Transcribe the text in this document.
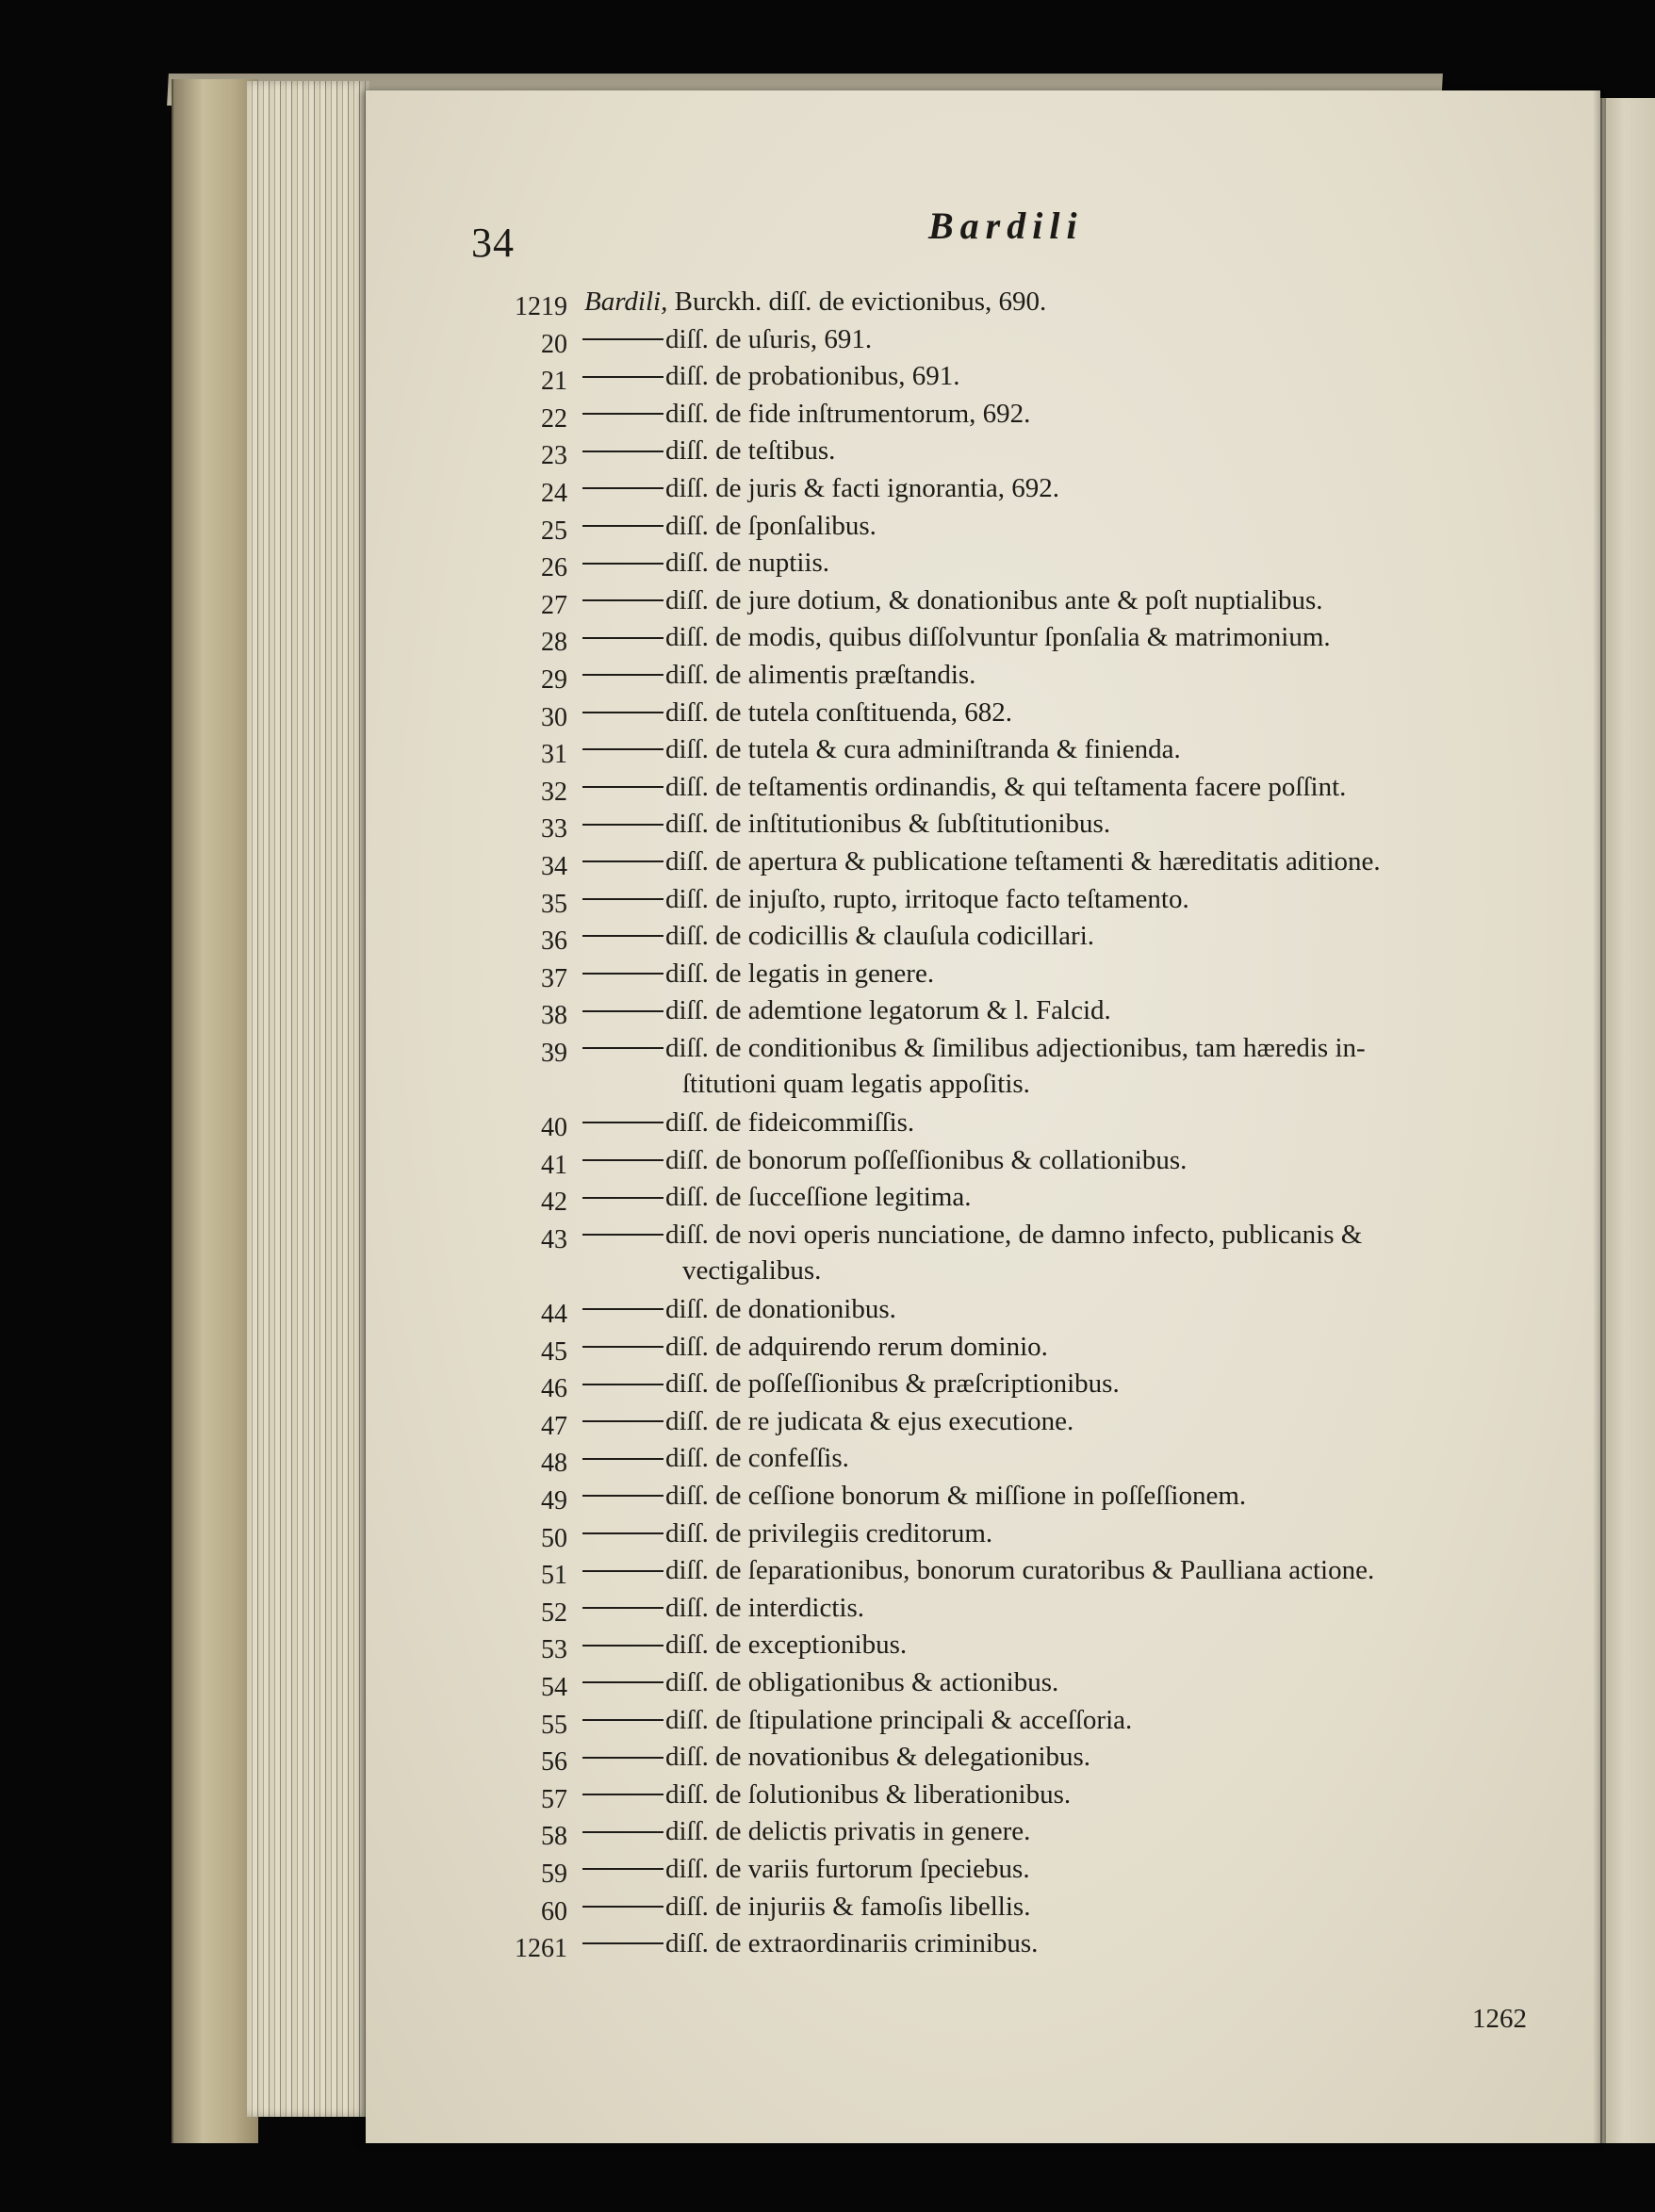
34	Bardili
1219 Bardili, Burckh. diſſ. de evictionibus, 690.
20	diſſ. de uſuris, 691.
21	diſſ. de probationibus, 691.
22	diſſ. de fide inſtrumentorum, 692.
23	diſſ. de teſtibus.
24	diſſ. de juris & facti ignorantia, 692.
25	diſſ. de ſponſalibus.
26	diſſ. de nuptiis.
27	diſſ. de jure dotium, & donationibus ante & poſt nuptialibus.
28	diſſ. de modis, quibus diſſolvuntur ſponſalia & matrimonium.
29	diſſ. de alimentis præſtandis.
30	diſſ. de tutela conſtituenda, 682.
31	diſſ. de tutela & cura adminiſtranda & finienda.
32	diſſ. de teſtamentis ordinandis, & qui teſtamenta facere poſſint.
33	diſſ. de inſtitutionibus & ſubſtitutionibus.
34	diſſ. de apertura & publicatione teſtamenti & hæreditatis aditione.
35	diſſ. de injuſto, rupto, irritoque facto teſtamento.
36	diſſ. de codicillis & clauſula codicillari.
37	diſſ. de legatis in genere.
38	diſſ. de ademtione legatorum & l. Falcid.
39	diſſ. de conditionibus & ſimilibus adjectionibus, tam hæredis in-
ſtitutioni quam legatis appoſitis.
40	diſſ. de fideicommiſſis.
41	diſſ. de bonorum poſſeſſionibus & collationibus.
42	diſſ. de ſucceſſione legitima.
43	diſſ. de novi operis nunciatione, de damno infecto, publicanis &
vectigalibus.
44	diſſ. de donationibus.
45	diſſ. de adquirendo rerum dominio.
46	diſſ. de poſſeſſionibus & præſcriptionibus.
47	diſſ. de re judicata & ejus executione.
48	diſſ. de confeſſis.
49	diſſ. de ceſſione bonorum & miſſione in poſſeſſionem.
50	diſſ. de privilegiis creditorum.
51	diſſ. de ſeparationibus, bonorum curatoribus & Paulliana actione.
52	diſſ. de interdictis.
53	diſſ. de exceptionibus.
54	diſſ. de obligationibus & actionibus.
55	diſſ. de ſtipulatione principali & acceſſoria.
56	diſſ. de novationibus & delegationibus.
57	diſſ. de ſolutionibus & liberationibus.
58	diſſ. de delictis privatis in genere.
59	diſſ. de variis furtorum ſpeciebus.
60	diſſ. de injuriis & famoſis libellis.
1261	diſſ. de extraordinariis criminibus.
1262
